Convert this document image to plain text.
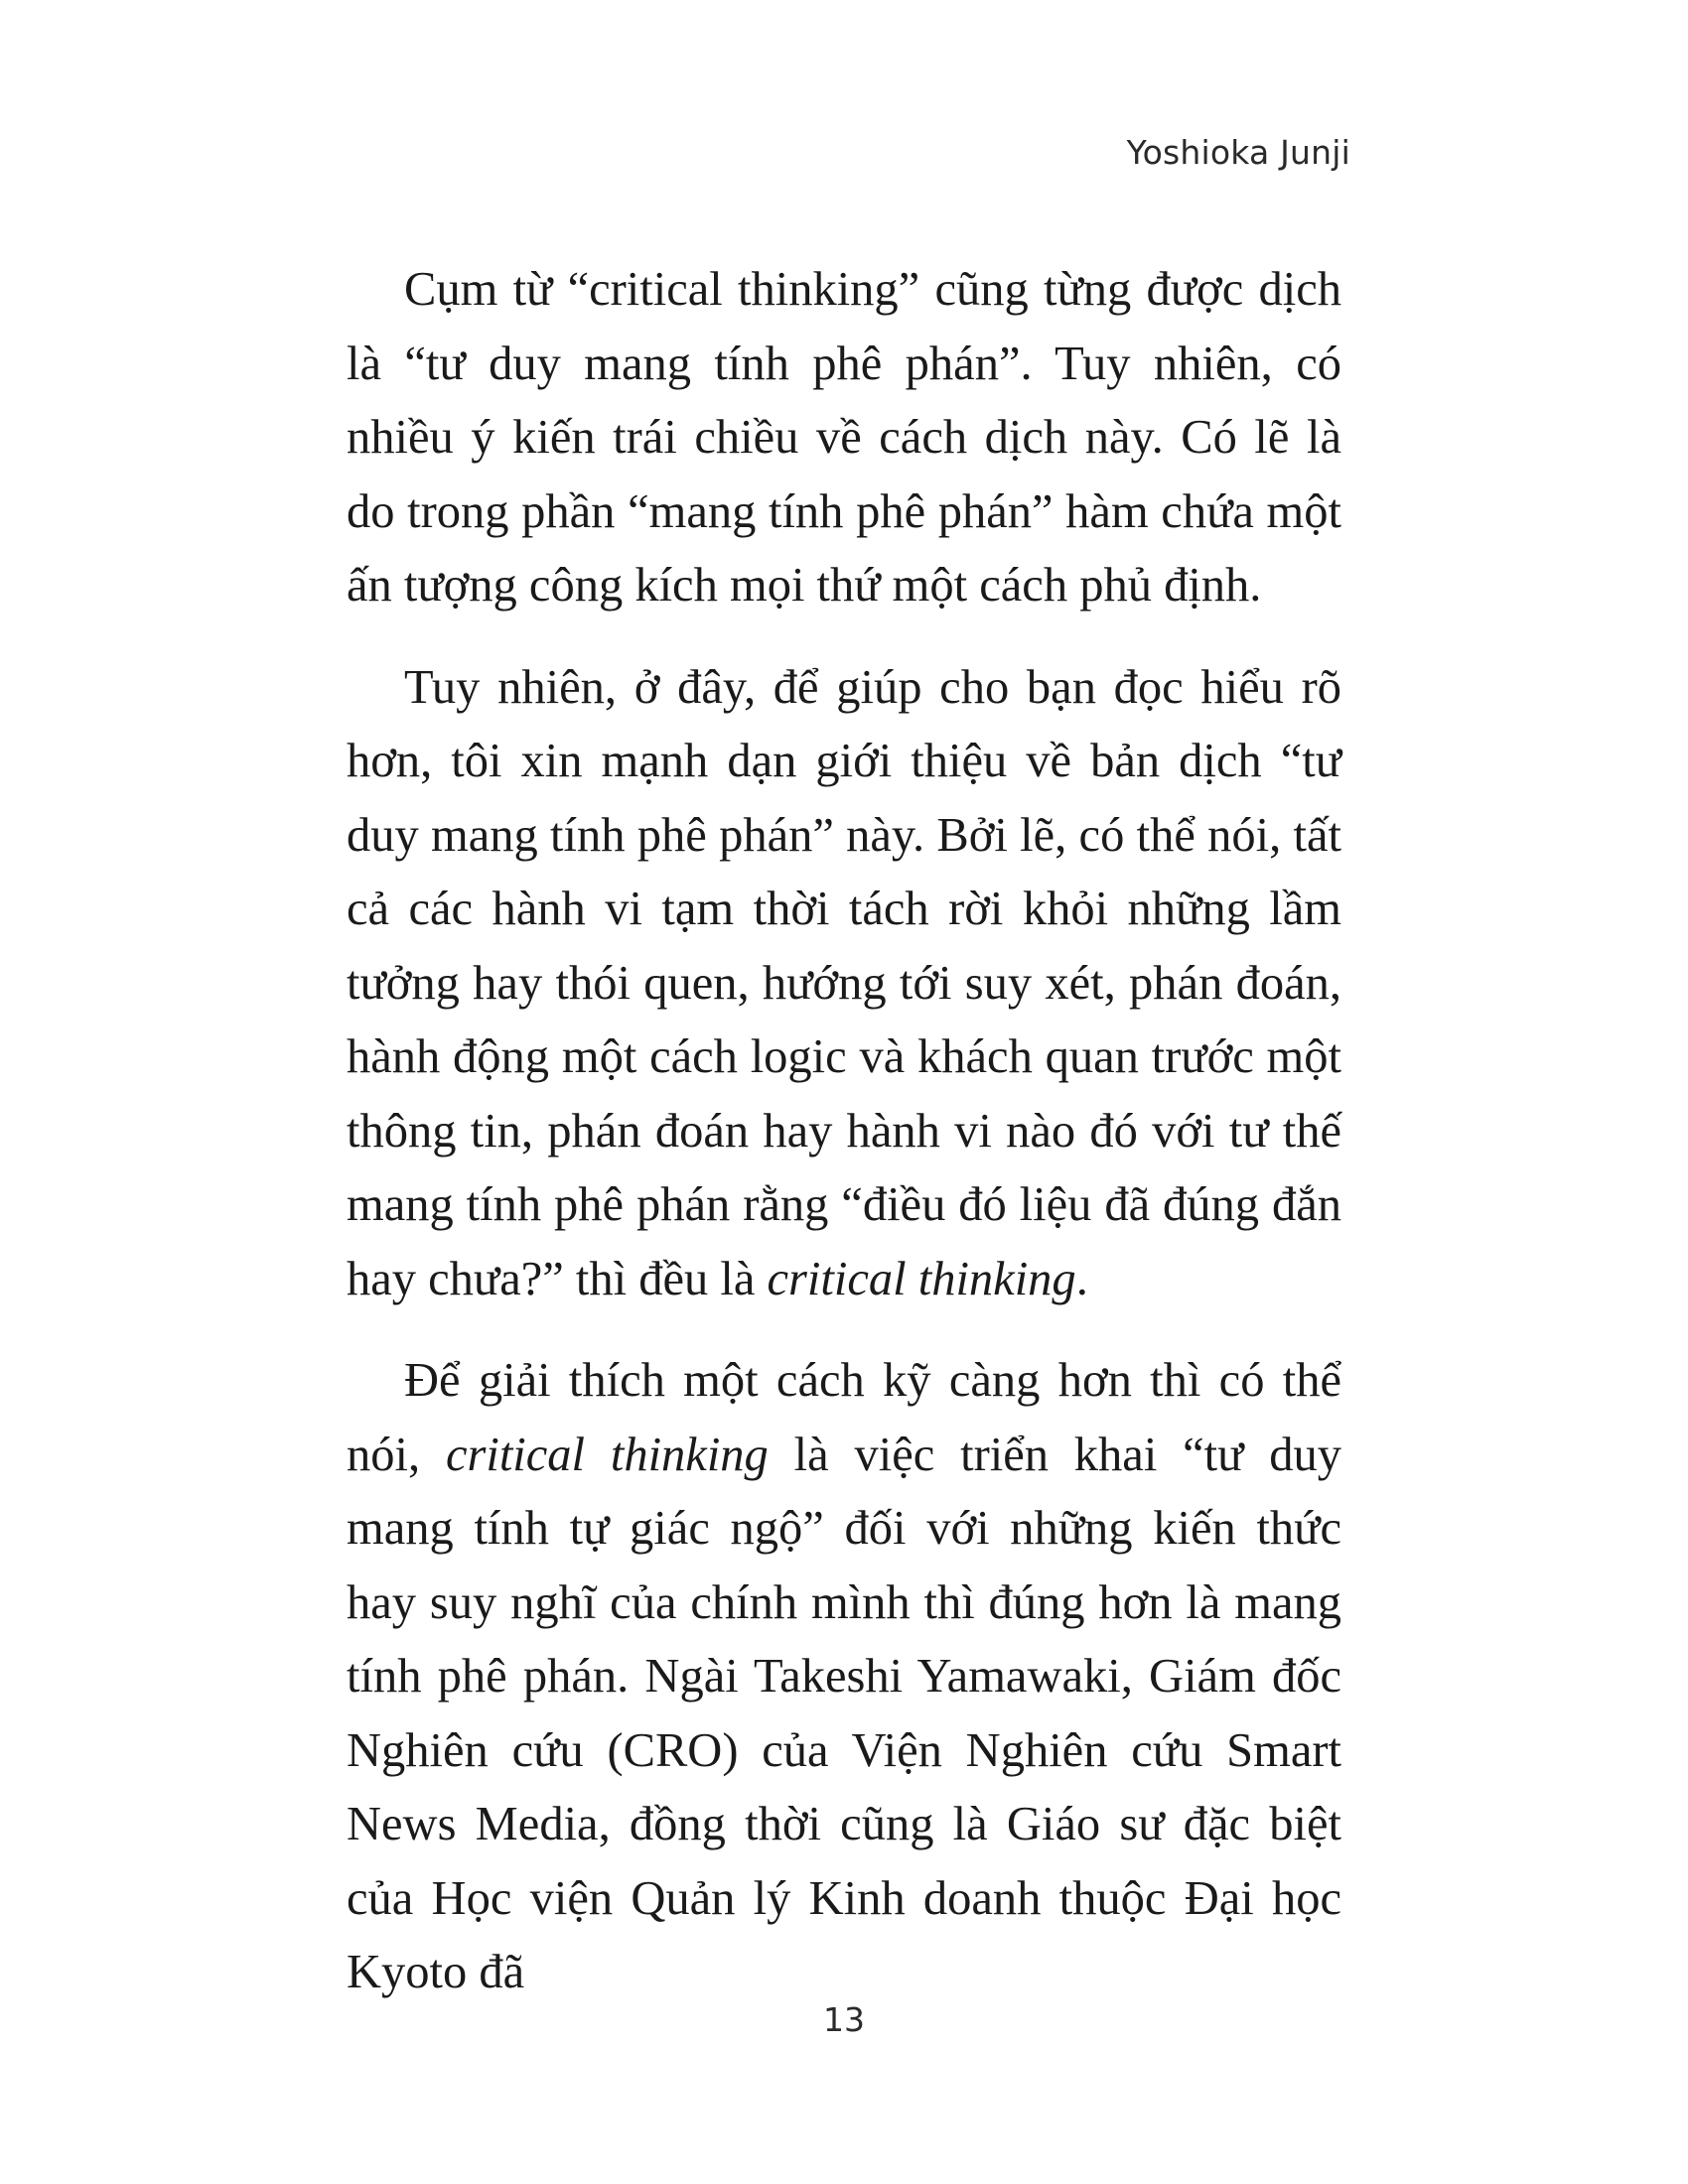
Yoshioka Junji

Cụm từ “critical thinking” cũng từng được dịch là “tư duy mang tính phê phán”. Tuy nhiên, có nhiều ý kiến trái chiều về cách dịch này. Có lẽ là do trong phần “mang tính phê phán” hàm chứa một ấn tượng công kích mọi thứ một cách phủ định.

Tuy nhiên, ở đây, để giúp cho bạn đọc hiểu rõ hơn, tôi xin mạnh dạn giới thiệu về bản dịch “tư duy mang tính phê phán” này. Bởi lẽ, có thể nói, tất cả các hành vi tạm thời tách rời khỏi những lầm tưởng hay thói quen, hướng tới suy xét, phán đoán, hành động một cách logic và khách quan trước một thông tin, phán đoán hay hành vi nào đó với tư thế mang tính phê phán rằng “điều đó liệu đã đúng đắn hay chưa?” thì đều là critical thinking.

Để giải thích một cách kỹ càng hơn thì có thể nói, critical thinking là việc triển khai “tư duy mang tính tự giác ngộ” đối với những kiến thức hay suy nghĩ của chính mình thì đúng hơn là mang tính phê phán. Ngài Takeshi Yamawaki, Giám đốc Nghiên cứu (CRO) của Viện Nghiên cứu Smart News Media, đồng thời cũng là Giáo sư đặc biệt của Học viện Quản lý Kinh doanh thuộc Đại học Kyoto đã

13
